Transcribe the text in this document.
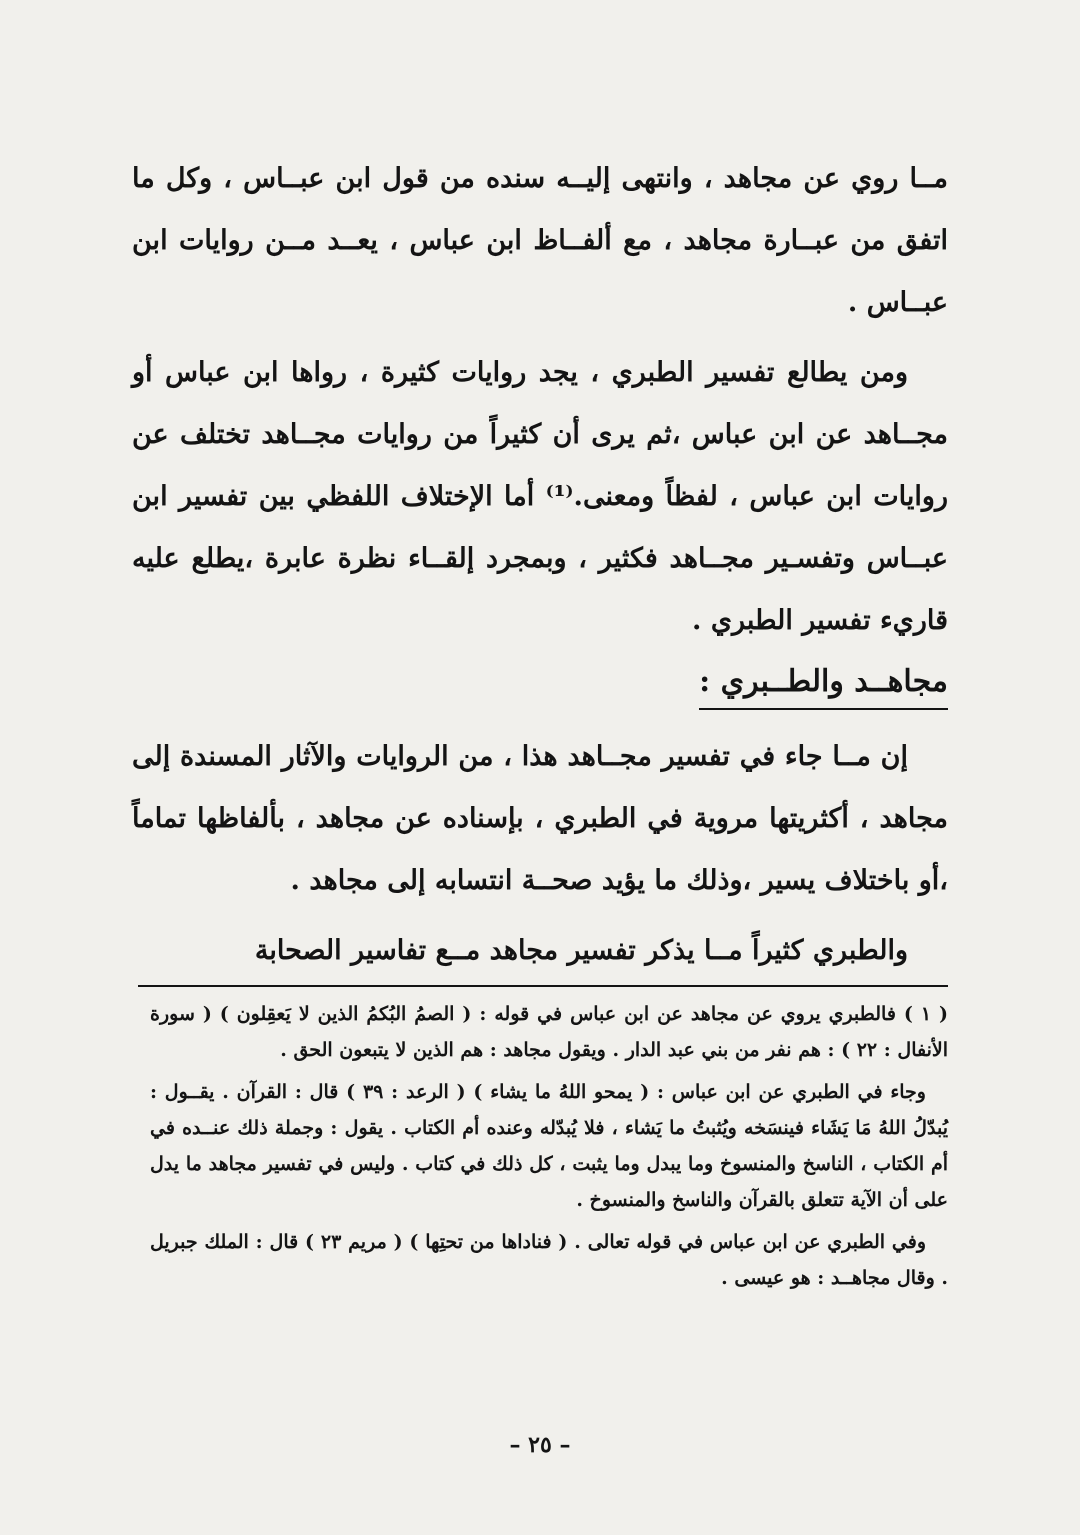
مــا روي عن مجاهد ، وانتهى إليــه سنده من قول ابن عبــاس ، وكل ما اتفق من عبــارة مجاهد ، مع ألفــاظ ابن عباس ، يعــد مــن روايات ابن عبــاس .

ومن يطالع تفسير الطبري ، يجد روايات كثيرة ، رواها ابن عباس أو مجــاهد عن ابن عباس ،ثم يرى أن كثيراً من روايات مجــاهد تختلف عن روايات ابن عباس ، لفظاً ومعنى.⁽¹⁾ أما الإختلاف اللفظي بين تفسير ابن عبــاس وتفسـير مجــاهد فكثير ، وبمجرد إلقــاء نظرة عابرة ،يطلع عليه قاريء تفسير الطبري .

مجاهــد والطــبري :

إن مــا جاء في تفسير مجــاهد هذا ، من الروايات والآثار المسندة إلى مجاهد ، أكثريتها مروية في الطبري ، بإسناده عن مجاهد ، بألفاظها تماماً ،أو باختلاف يسير ،وذلك ما يؤيد صحــة انتسابه إلى مجاهد .

والطبري كثيراً مــا يذكر تفسير مجاهد مــع تفاسير الصحابة

( ١ ) فالطبري يروي عن مجاهد عن ابن عباس في قوله : ( الصمُ البُكمُ الذين لا يَعقِلون ) ( سورة الأنفال : ٢٢ ) : هم نفر من بني عبد الدار . ويقول مجاهد : هم الذين لا يتبعون الحق .

وجاء في الطبري عن ابن عباس : ( يمحو اللهُ ما يشاء ) ( الرعد : ٣٩ ) قال : القرآن . يقــول : يُبدّلُ اللهُ مَا يَشَاء فينسَخه ويُثبتُ ما يَشاء ، فلا يُبدّله وعنده أم الكتاب . يقول : وجملة ذلك عنــده في أم الكتاب ، الناسخ والمنسوخ وما يبدل وما يثبت ، كل ذلك في كتاب . وليس في تفسير مجاهد ما يدل على أن الآية تتعلق بالقرآن والناسخ والمنسوخ .

وفي الطبري عن ابن عباس في قوله تعالى . ( فناداها من تحتِها ) ( مريم ٢٣ ) قال : الملك جبريل . وقال مجاهــد : هو عيسى .

– ٢٥ –
